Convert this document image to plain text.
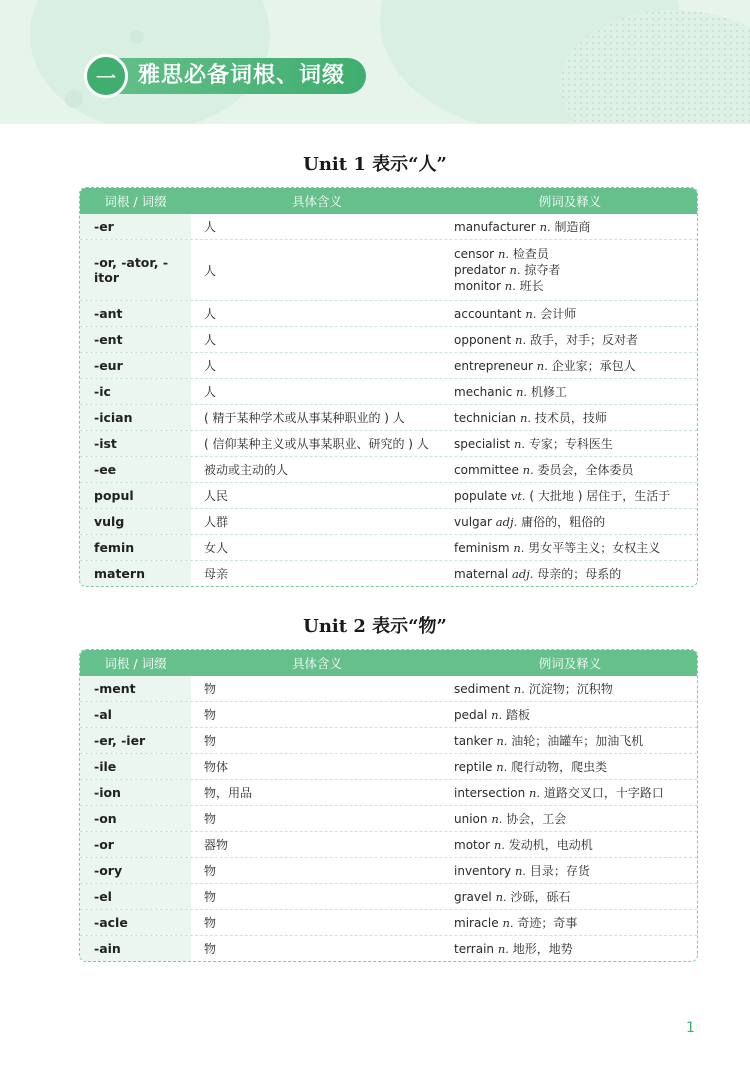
一	雅思必备词根、词缀
Unit 1 表示“人”
词根 / 词缀	具体含义	例词及释义
-er	人	manufacturer n. 制造商
-or, -ator, -itor	人
censor n. 检查员
predator n. 掠夺者
monitor n. 班长
-ant	人	accountant n. 会计师
-ent	人	opponent n. 敌手，对手；反对者
-eur	人	entrepreneur n. 企业家；承包人
-ic	人	mechanic n. 机修工
-ician	( 精于某种学术或从事某种职业的 ) 人	technician n. 技术员，技师
-ist	( 信仰某种主义或从事某职业、研究的 ) 人	specialist n. 专家；专科医生
-ee	被动或主动的人	committee n. 委员会，全体委员
popul	人民	populate vt. ( 大批地 ) 居住于，生活于
vulg	人群	vulgar adj. 庸俗的，粗俗的
femin	女人	feminism n. 男女平等主义；女权主义
matern	母亲	maternal adj. 母亲的；母系的
Unit 2 表示“物”
词根 / 词缀	具体含义	例词及释义
-ment	物	sediment n. 沉淀物；沉积物
-al	物	pedal n. 踏板
-er, -ier	物	tanker n. 油轮；油罐车；加油飞机
-ile	物体	reptile n. 爬行动物，爬虫类
-ion	物，用品	intersection n. 道路交叉口，十字路口
-on	物	union n. 协会，工会
-or	器物	motor n. 发动机，电动机
-ory	物	inventory n. 目录；存货
-el	物	gravel n. 沙砾，砾石
-acle	物	miracle n. 奇迹；奇事
-ain	物	terrain n. 地形，地势
1
